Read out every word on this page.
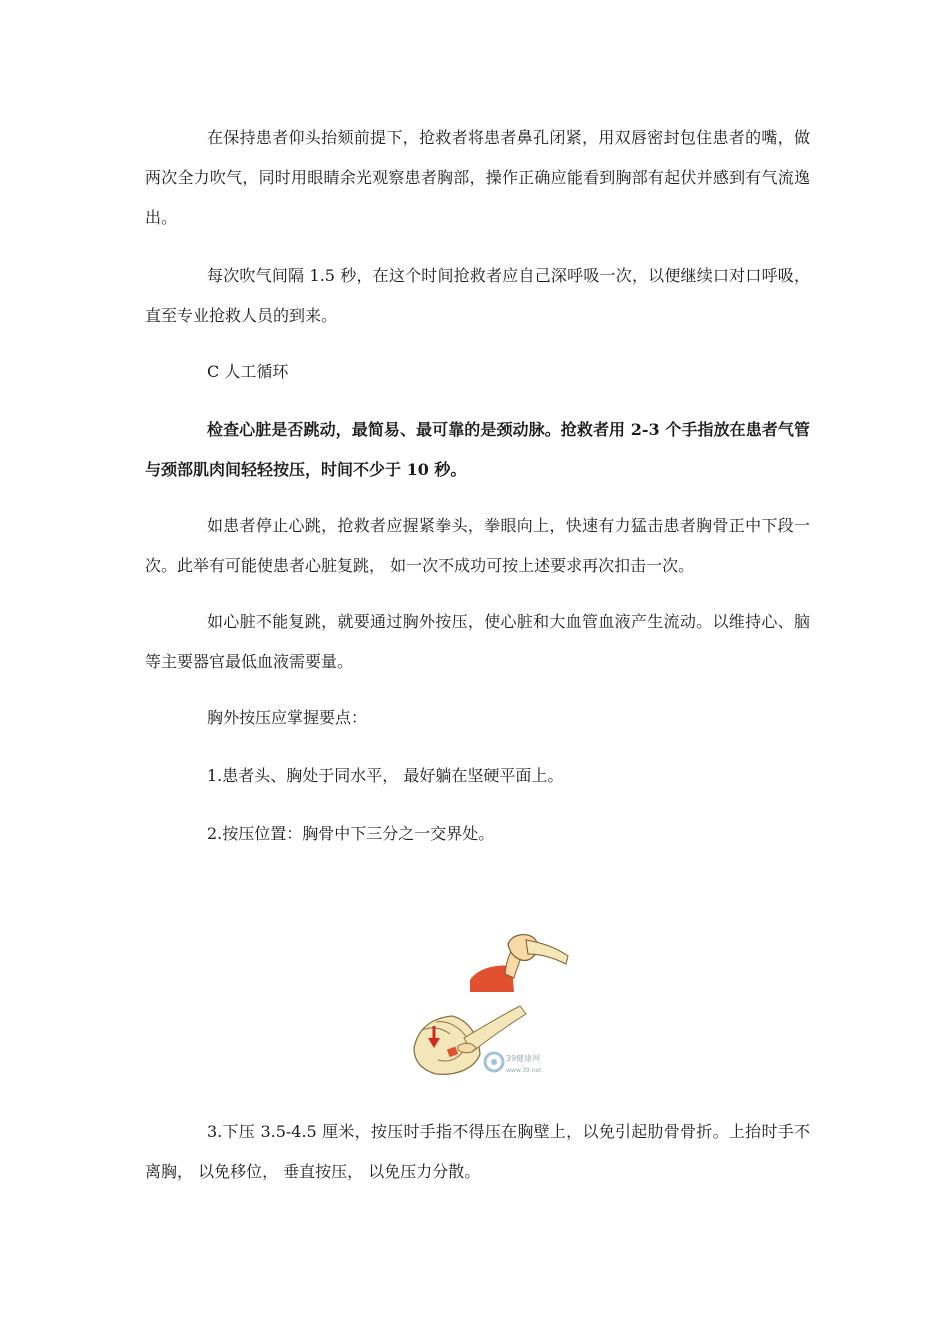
在保持患者仰头抬颏前提下，抢救者将患者鼻孔闭紧，用双唇密封包住患者的嘴，做两次全力吹气，同时用眼睛余光观察患者胸部，操作正确应能看到胸部有起伏并感到有气流逸出。

每次吹气间隔 1.5 秒，在这个时间抢救者应自己深呼吸一次，以便继续口对口呼吸，直至专业抢救人员的到来。

C 人工循环

检查心脏是否跳动，最简易、最可靠的是颈动脉。抢救者用 2-3 个手指放在患者气管与颈部肌肉间轻轻按压，时间不少于 10 秒。

如患者停止心跳，抢救者应握紧拳头，拳眼向上，快速有力猛击患者胸骨正中下段一次。此举有可能使患者心脏复跳， 如一次不成功可按上述要求再次扣击一次。

如心脏不能复跳，就要通过胸外按压，使心脏和大血管血液产生流动。以维持心、脑等主要器官最低血液需要量。

胸外按压应掌握要点：

1.患者头、胸处于同水平， 最好躺在坚硬平面上。

2.按压位置：胸骨中下三分之一交界处。

39健康网
www.39.net

3.下压 3.5-4.5 厘米，按压时手指不得压在胸壁上，以免引起肋骨骨折。上抬时手不离胸， 以免移位， 垂直按压， 以免压力分散。
